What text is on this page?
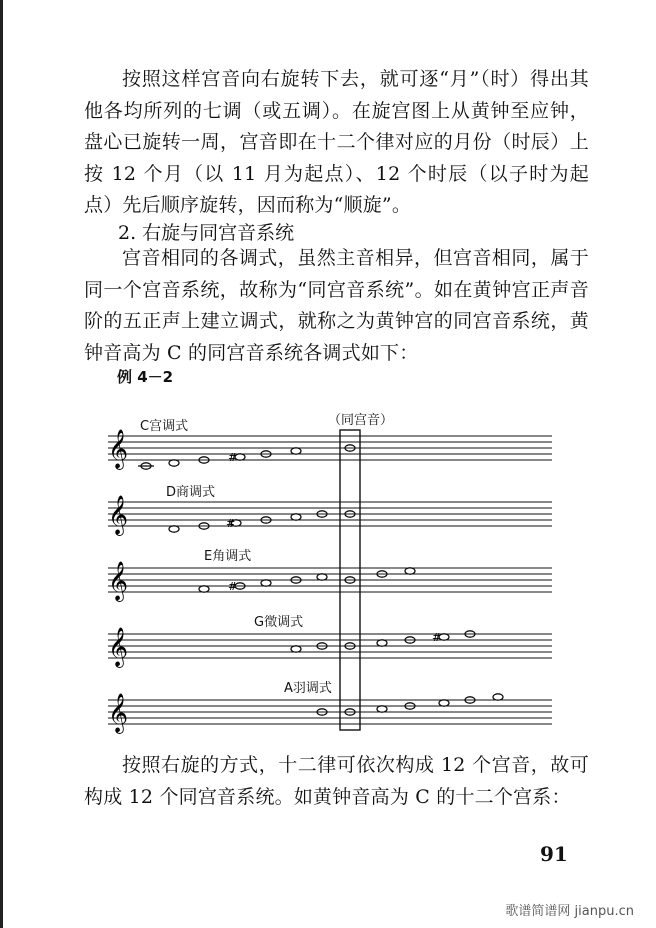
按照这样宫音向右旋转下去，就可逐“月”（时）得出其他各均所列的七调（或五调）。在旋宫图上从黄钟至应钟，盘心已旋转一周，宫音即在十二个律对应的月份（时辰）上按 12 个月（以 11 月为起点）、12 个时辰（以子时为起点）先后顺序旋转，因而称为“顺旋”。

2. 右旋与同宫音系统

宫音相同的各调式，虽然主音相异，但宫音相同，属于同一个宫音系统，故称为“同宫音系统”。如在黄钟宫正声音阶的五正声上建立调式，就称之为黄钟宫的同宫音系统，黄钟音高为 C 的同宫音系统各调式如下：

例 4－2
（同宫音）
C宫调式
𝄞	#
D商调式
𝄞	#
E角调式
𝄞	#
G徵调式
𝄞	#
A羽调式
𝄞

按照右旋的方式，十二律可依次构成 12 个宫音，故可构成 12 个同宫音系统。如黄钟音高为 C 的十二个宫系：

91
歌谱简谱网 jianpu.cn
